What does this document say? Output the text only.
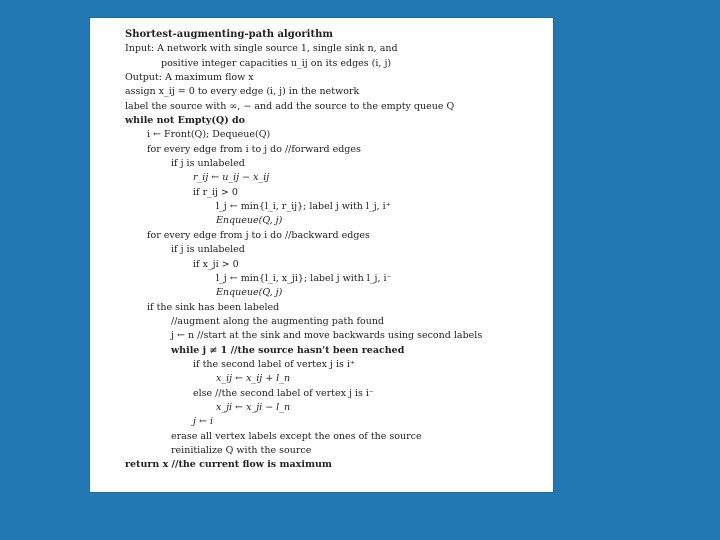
Shortest-augmenting-path algorithm
Input: A network with single source 1, single sink n, and
positive integer capacities u_ij on its edges (i, j)
Output: A maximum flow x
assign x_ij = 0 to every edge (i, j) in the network
label the source with ∞, − and add the source to the empty queue Q
while not Empty(Q) do
i ← Front(Q); Dequeue(Q)
for every edge from i to j do //forward edges
if j is unlabeled
r_ij ← u_ij − x_ij
if r_ij > 0
l_j ← min{l_i, r_ij}; label j with l_j, i⁺
Enqueue(Q, j)
for every edge from j to i do //backward edges
if j is unlabeled
if x_ji > 0
l_j ← min{l_i, x_ji}; label j with l_j, i⁻
Enqueue(Q, j)
if the sink has been labeled
//augment along the augmenting path found
j ← n //start at the sink and move backwards using second labels
while j ≠ 1 //the source hasn't been reached
if the second label of vertex j is i⁺
x_ij ← x_ij + l_n
else //the second label of vertex j is i⁻
x_ji ← x_ji − l_n
j ← i
erase all vertex labels except the ones of the source
reinitialize Q with the source
return x //the current flow is maximum
